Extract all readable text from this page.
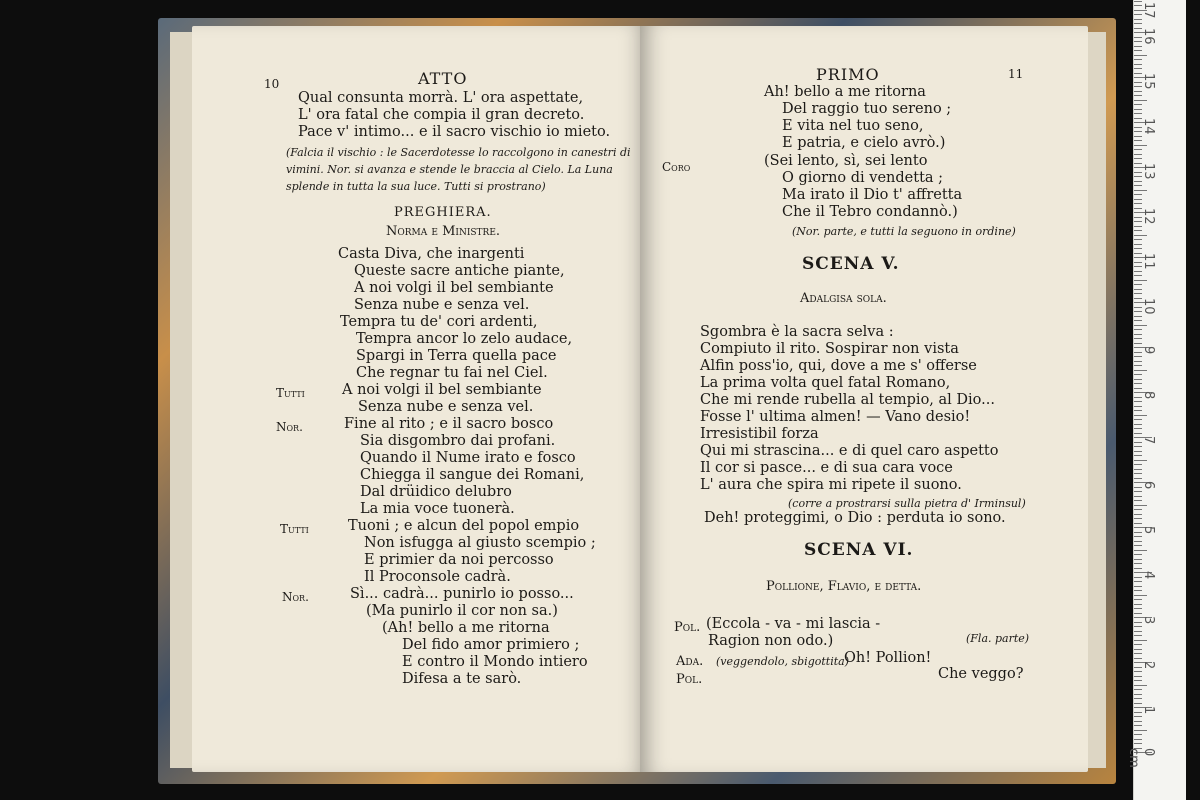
10	ATTO
Qual consunta morrà. L' ora aspettate,
L' ora fatal che compia il gran decreto.
Pace v' intimo... e il sacro vischio io mieto.
(Falcia il vischio : le Sacerdotesse lo raccolgono in canestri di
vimini. Nor. si avanza e stende le braccia al Cielo. La Luna
splende in tutta la sua luce. Tutti si prostrano)
PREGHIERA.
Norma e Ministre.
Casta Diva, che inargenti
Queste sacre antiche piante,
A noi volgi il bel sembiante
Senza nube e senza vel.
Tempra tu de' cori ardenti,
Tempra ancor lo zelo audace,
Spargi in Terra quella pace
Che regnar tu fai nel Ciel.
Tutti	A noi volgi il bel sembiante
Senza nube e senza vel.
Nor.	Fine al rito ; e il sacro bosco
Sia disgombro dai profani.
Quando il Nume irato e fosco
Chiegga il sangue dei Romani,
Dal drüidico delubro
La mia voce tuonerà.
Tutti	Tuoni ; e alcun del popol empio
Non isfugga al giusto scempio ;
E primier da noi percosso
Il Proconsole cadrà.
Nor.	Sì... cadrà... punirlo io posso...
(Ma punirlo il cor non sa.)
(Ah! bello a me ritorna
Del fido amor primiero ;
E contro il Mondo intiero
Difesa a te sarò.
PRIMO	11
Ah! bello a me ritorna
Del raggio tuo sereno ;
E vita nel tuo seno,
E patria, e cielo avrò.)
Coro	(Sei lento, sì, sei lento
O giorno di vendetta ;
Ma irato il Dio t' affretta
Che il Tebro condannò.)
(Nor. parte, e tutti la seguono in ordine)
SCENA V.
Adalgisa sola.
Sgombra è la sacra selva :
Compiuto il rito. Sospirar non vista
Alfin poss'io, qui, dove a me s' offerse
La prima volta quel fatal Romano,
Che mi rende rubella al tempio, al Dio...
Fosse l' ultima almen! — Vano desio!
Irresistibil forza
Qui mi strascina... e di quel caro aspetto
Il cor si pasce... e di sua cara voce
L' aura che spira mi ripete il suono.
(corre a prostrarsi sulla pietra d' Irminsul)
Deh! proteggimi, o Dio : perduta io sono.
SCENA VI.
Pollione, Flavio, e detta.
Pol. (Eccola - va - mi lascia -
Ragion non odo.)	(Fla. parte)
Ada. (veggendolo, sbigottita)
Oh! Pollion!
Pol.	Che veggo?
0 cm
1
2
3
4
5
6
7
8
9
10
11
12
13
14
15
16
17
